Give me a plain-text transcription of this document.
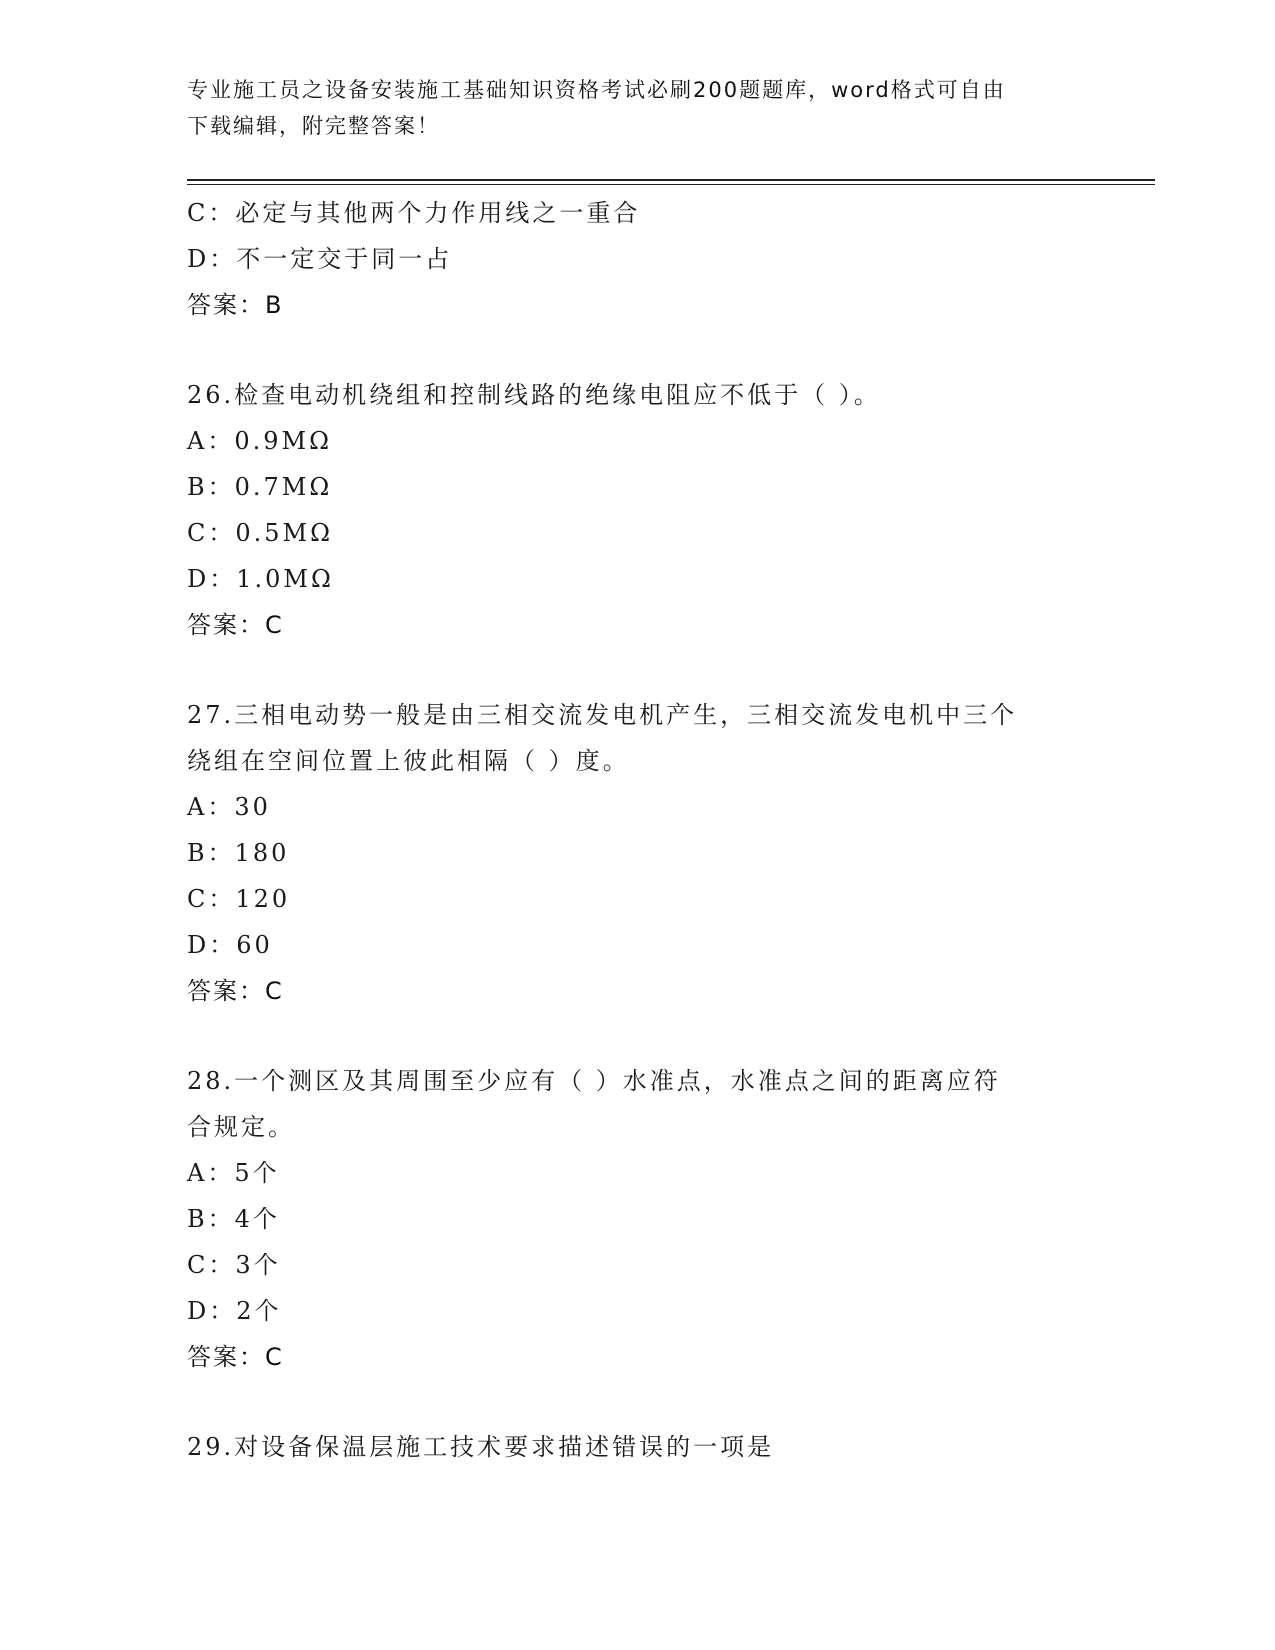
专业施工员之设备安装施工基础知识资格考试必刷200题题库，word格式可自由
下载编辑，附完整答案！
C：必定与其他两个力作用线之一重合
D：不一定交于同一占
答案：B
26.检查电动机绕组和控制线路的绝缘电阻应不低于（ ）。
A：0.9MΩ
B：0.7MΩ
C：0.5MΩ
D：1.0MΩ
答案：C
27.三相电动势一般是由三相交流发电机产生，三相交流发电机中三个
绕组在空间位置上彼此相隔（ ）度。
A：30
B：180
C：120
D：60
答案：C
28.一个测区及其周围至少应有（ ）水准点，水准点之间的距离应符
合规定。
A：5个
B：4个
C：3个
D：2个
答案：C
29.对设备保温层施工技术要求描述错误的一项是
